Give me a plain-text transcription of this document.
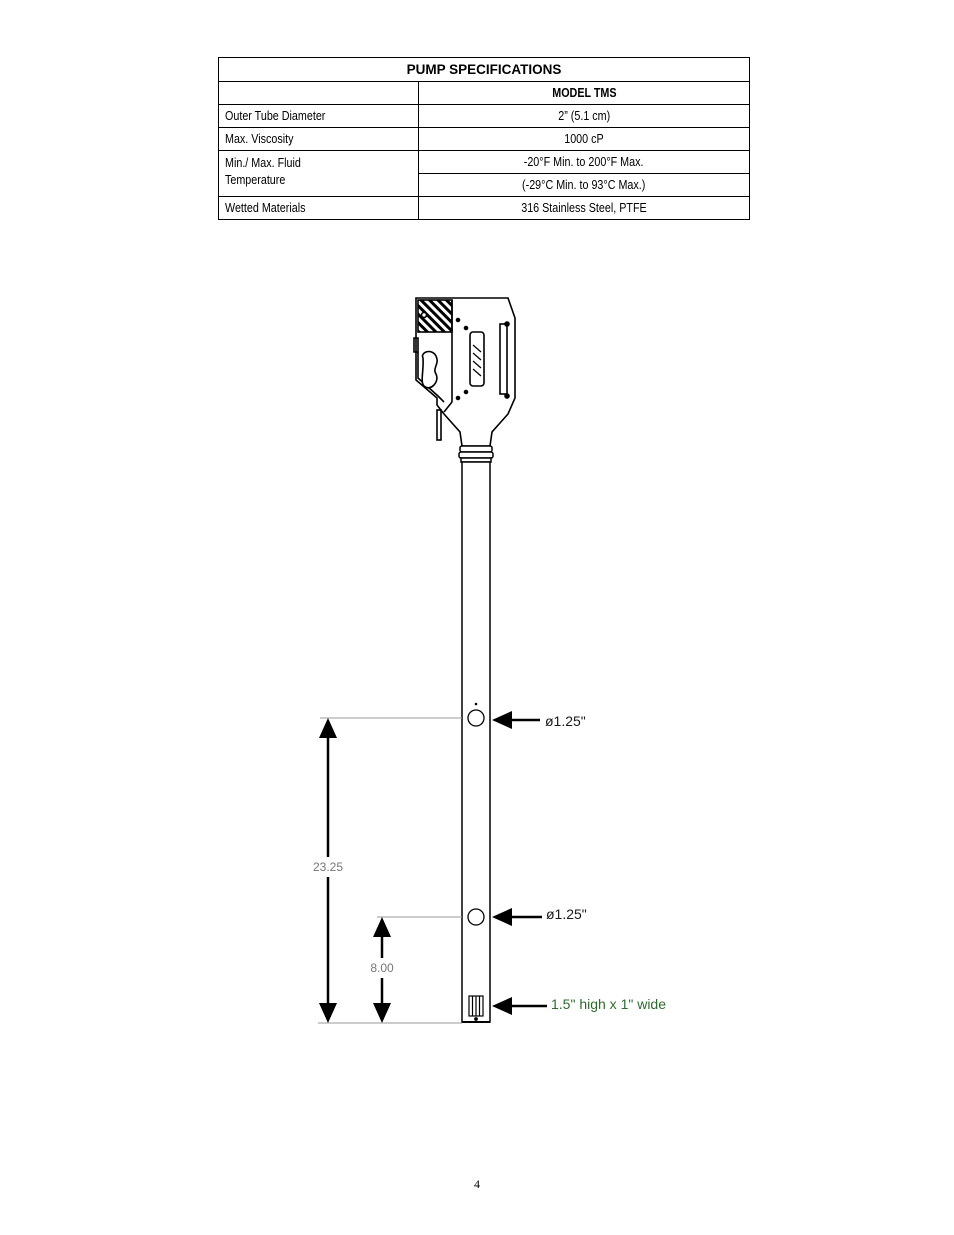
PUMP SPECIFICATIONS	
	MODEL TMS
Outer Tube Diameter	2” (5.1 cm)
Max. Viscosity	1000 cP
Min./ Max. Fluid
Temperature	-20°F Min. to 200°F Max.
	(-29°C Min. to 93°C Max.)
Wetted Materials	316 Stainless Steel, PTFE
23.25
8.00
ø1.25"
ø1.25"
1.5" high x 1" wide
4
